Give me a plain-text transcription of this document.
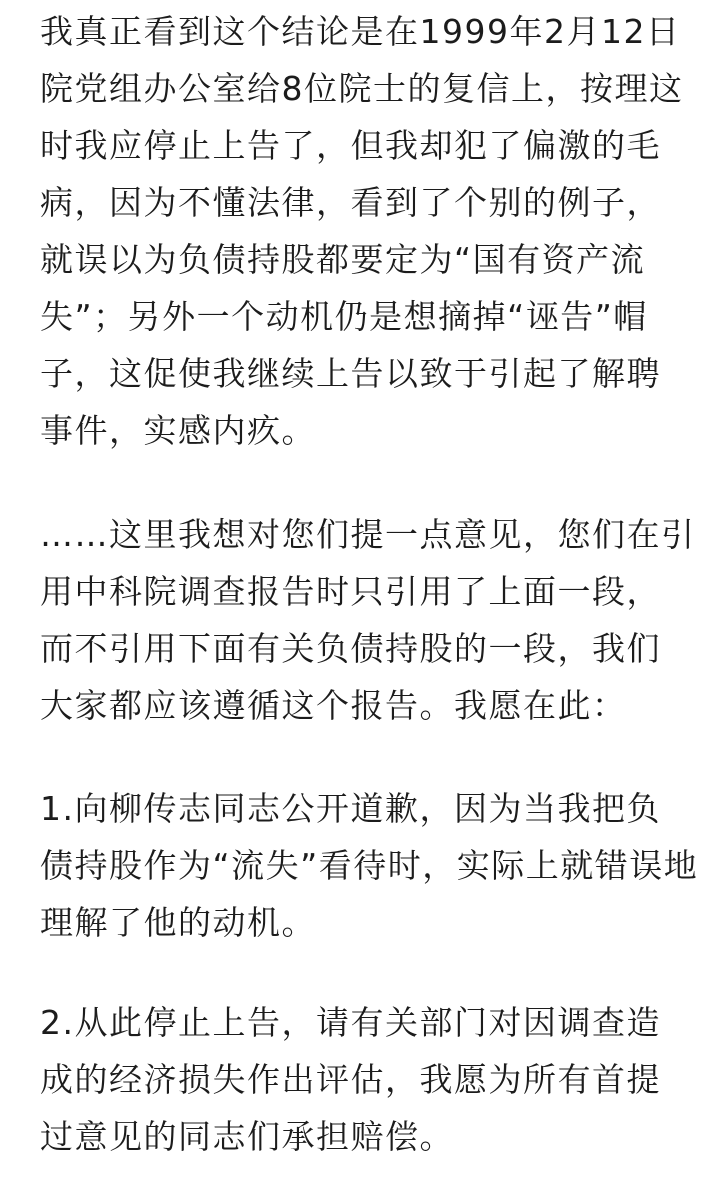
我真正看到这个结论是在1999年2月12日
院党组办公室给8位院士的复信上，按理这
时我应停止上告了，但我却犯了偏激的毛
病，因为不懂法律，看到了个别的例子，
就误以为负债持股都要定为“国有资产流
失”；另外一个动机仍是想摘掉“诬告”帽
子，这促使我继续上告以致于引起了解聘
事件，实感内疚。

……这里我想对您们提一点意见，您们在引
用中科院调查报告时只引用了上面一段，
而不引用下面有关负债持股的一段，我们
大家都应该遵循这个报告。我愿在此：

1.向柳传志同志公开道歉，因为当我把负
债持股作为“流失”看待时，实际上就错误地
理解了他的动机。

2.从此停止上告，请有关部门对因调查造
成的经济损失作出评估，我愿为所有首提
过意见的同志们承担赔偿。
